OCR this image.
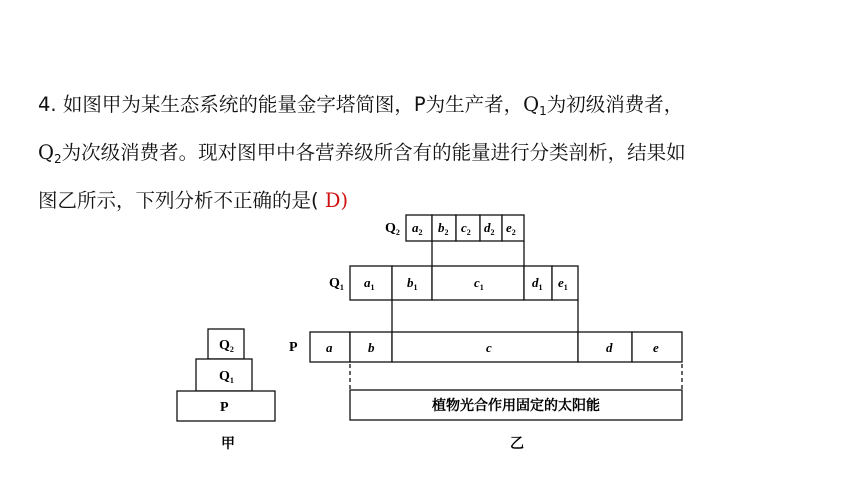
4. 如图甲为某生态系统的能量金字塔简图，P为生产者，$Q_1$为初级消费者，
$Q_2$为次级消费者。现对图甲中各营养级所含有的能量进行分类剖析，结果如
图乙所示，下列分析不正确的是( D)
$Q_2$
$Q_1$
P
甲
$Q_2$ $a_2$ $b_2$ $c_2$ $d_2$ $e_2$
$Q_1$ $a_1$	$b_1$	$c_1$	$d_1$ $e_1$
P a	b	c	d	e
植物光合作用固定的太阳能
乙
